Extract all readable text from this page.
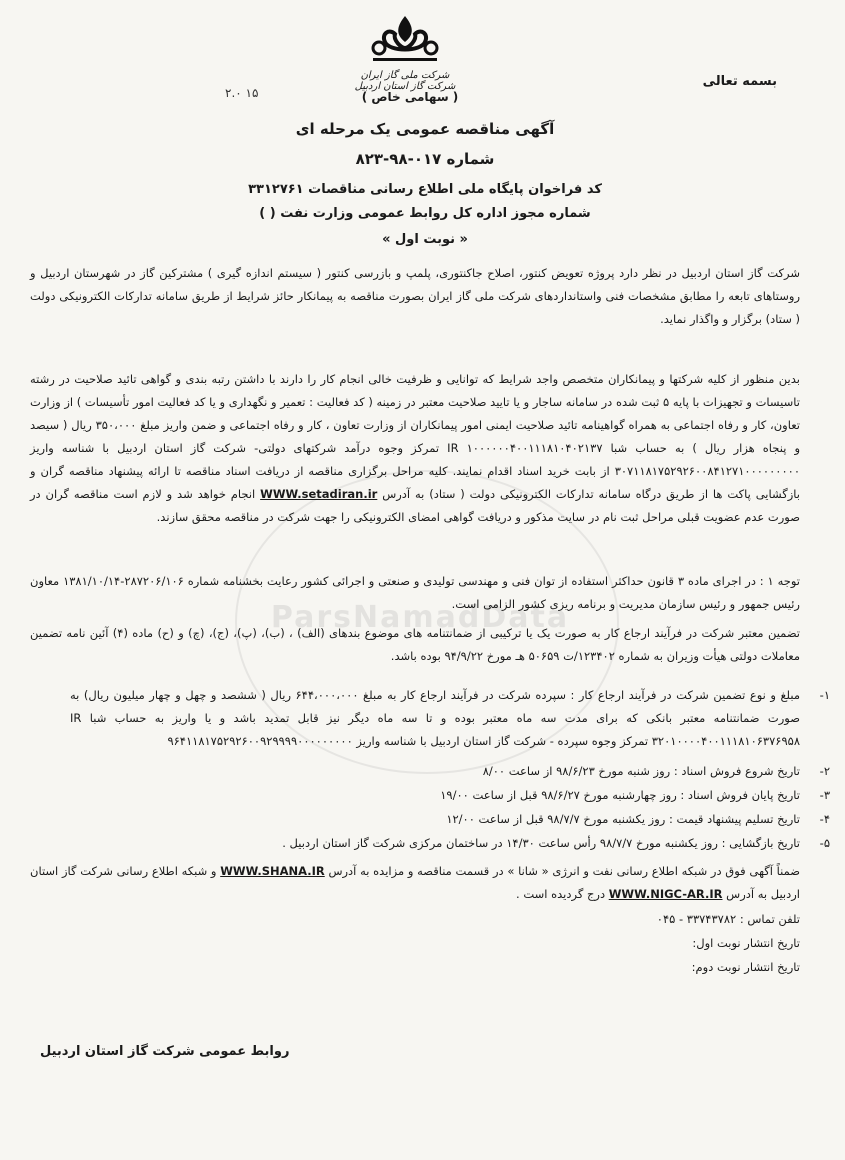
ParsNamadData
شرکت ملی گاز ایران
شرکت گاز استان اردبیل
( سهامی خاص )
۲.۰ ۱۵
بسمه تعالی
آگهی مناقصه عمومی یک مرحله ای
شماره ۰۱۷-۹۸-۸۲۳
کد فراخوان پایگاه ملی اطلاع رسانی مناقصات ۳۳۱۲۷۶۱
شماره مجوز اداره کل روابط عمومی وزارت نفت ( )
« نوبت اول »
شرکت گاز استان اردبیل در نظر دارد پروژه تعویض کنتور، اصلاح جاکنتوری، پلمپ و بازرسی کنتور ( سیستم اندازه گیری ) مشترکین گاز در شهرستان اردبیل و روستاهای تابعه را مطابق مشخصات فنی واستانداردهای شرکت ملی گاز ایران بصورت مناقصه به پیمانکار حائز شرایط از طریق سامانه تدارکات الکترونیکی دولت ( ستاد) برگزار و واگذار نماید.
بدین منظور از کلیه شرکتها و پیمانکاران متخصص واجد شرایط که توانایی و ظرفیت خالی انجام کار را دارند با داشتن رتبه بندی و گواهی تائید صلاحیت در رشته تاسیسات و تجهیزات با پایه ۵ ثبت شده در سامانه ساجار و یا تایید صلاحیت معتبر در زمینه ( کد فعالیت : تعمیر و نگهداری و یا کد فعالیت امور تأسیسات ) از وزارت تعاون، کار و رفاه اجتماعی به همراه گواهینامه تائید صلاحیت ایمنی امور پیمانکاران از وزارت تعاون ، کار و رفاه اجتماعی و ضمن واریز مبلغ ۳۵۰،۰۰۰ ریال ( سیصد و پنجاه هزار ریال ) به حساب شبا IR ۱۰۰۰۰۰۰۴۰۰۱۱۱۸۱۰۴۰۲۱۳۷ تمرکز وجوه درآمد شرکتهای دولتی- شرکت گاز استان اردبیل با شناسه واریز ۳۰۷۱۱۸۱۷۵۲۹۲۶۰۰۸۴۱۲۷۱۰۰۰۰۰۰۰۰۰ از بابت خرید اسناد اقدام نمایند. کلیه مراحل برگزاری مناقصه از دریافت اسناد مناقصه تا ارائه پیشنهاد مناقصه گران و بازگشایی پاکت ها از طریق درگاه سامانه تدارکات الکترونیکی دولت ( ستاد) به آدرس WWW.setadiran.ir انجام خواهد شد و لازم است مناقصه گران در صورت عدم عضویت قبلی مراحل ثبت نام در سایت مذکور و دریافت گواهی امضای الکترونیکی را جهت شرکت در مناقصه محقق سازند.
توجه ۱ : در اجرای ماده ۳ قانون حداکثر استفاده از توان فنی و مهندسی تولیدی و صنعتی و اجرائی کشور رعایت بخشنامه شماره ۲۸۷۲۰۶/۱۰۶-۱۳۸۱/۱۰/۱۴ معاون رئیس جمهور و رئیس سازمان مدیریت و برنامه ریزی کشور الزامی است.
تضمین معتبر شرکت در فرآیند ارجاع کار به صورت یک یا ترکیبی از ضمانتنامه های موضوع بندهای (الف) ، (ب)، (پ)، (ج)، (چ) و (ح) ماده (۴) آئین نامه تضمین معاملات دولتی هیأت وزیران به شماره ۱۲۳۴۰۲/ت ۵۰۶۵۹ هـ مورخ ۹۴/۹/۲۲ بوده باشد.
۱-
مبلغ و نوع تضمین شرکت در فرآیند ارجاع کار : سپرده شرکت در فرآیند ارجاع کار به مبلغ ۶۴۴،۰۰۰،۰۰۰ ریال ( ششصد و چهل و چهار میلیون ریال) به صورت ضمانتنامه معتبر بانکی که برای مدت سه ماه معتبر بوده و تا سه ماه دیگر نیز قابل تمدید باشد و یا واریز به حساب شبا IR ۳۲۰۱۰۰۰۰۴۰۰۱۱۱۸۱۰۶۳۷۶۹۵۸ تمرکز وجوه سپرده - شرکت گاز استان اردبیل با شناسه واریز ۹۶۴۱۱۸۱۷۵۲۹۲۶۰۰۹۲۹۹۹۹۰۰۰۰۰۰۰۰۰
۲-
تاریخ شروع فروش اسناد : روز شنبه مورخ ۹۸/۶/۲۳ از ساعت ۸/۰۰
۳-
تاریخ پایان فروش اسناد : روز چهارشنبه مورخ ۹۸/۶/۲۷ قبل از ساعت ۱۹/۰۰
۴-
تاریخ تسلیم پیشنهاد قیمت : روز یکشنبه مورخ ۹۸/۷/۷ قبل از ساعت ۱۲/۰۰
۵-
تاریخ بازگشایی : روز یکشنبه مورخ ۹۸/۷/۷ رأس ساعت ۱۴/۳۰ در ساختمان مرکزی شرکت گاز استان اردبیل .
ضمناً آگهی فوق در شبکه اطلاع رسانی نفت و انرژی « شانا » در قسمت مناقصه و مزایده به آدرس WWW.SHANA.IR و شبکه اطلاع رسانی شرکت گاز استان اردبیل به آدرس WWW.NIGC-AR.IR درج گردیده است .
تلفن تماس : ۳۳۷۴۳۷۸۲ - ۰۴۵
تاریخ انتشار نوبت اول:
تاریخ انتشار نوبت دوم:
روابط عمومی شرکت گاز استان اردبیل
